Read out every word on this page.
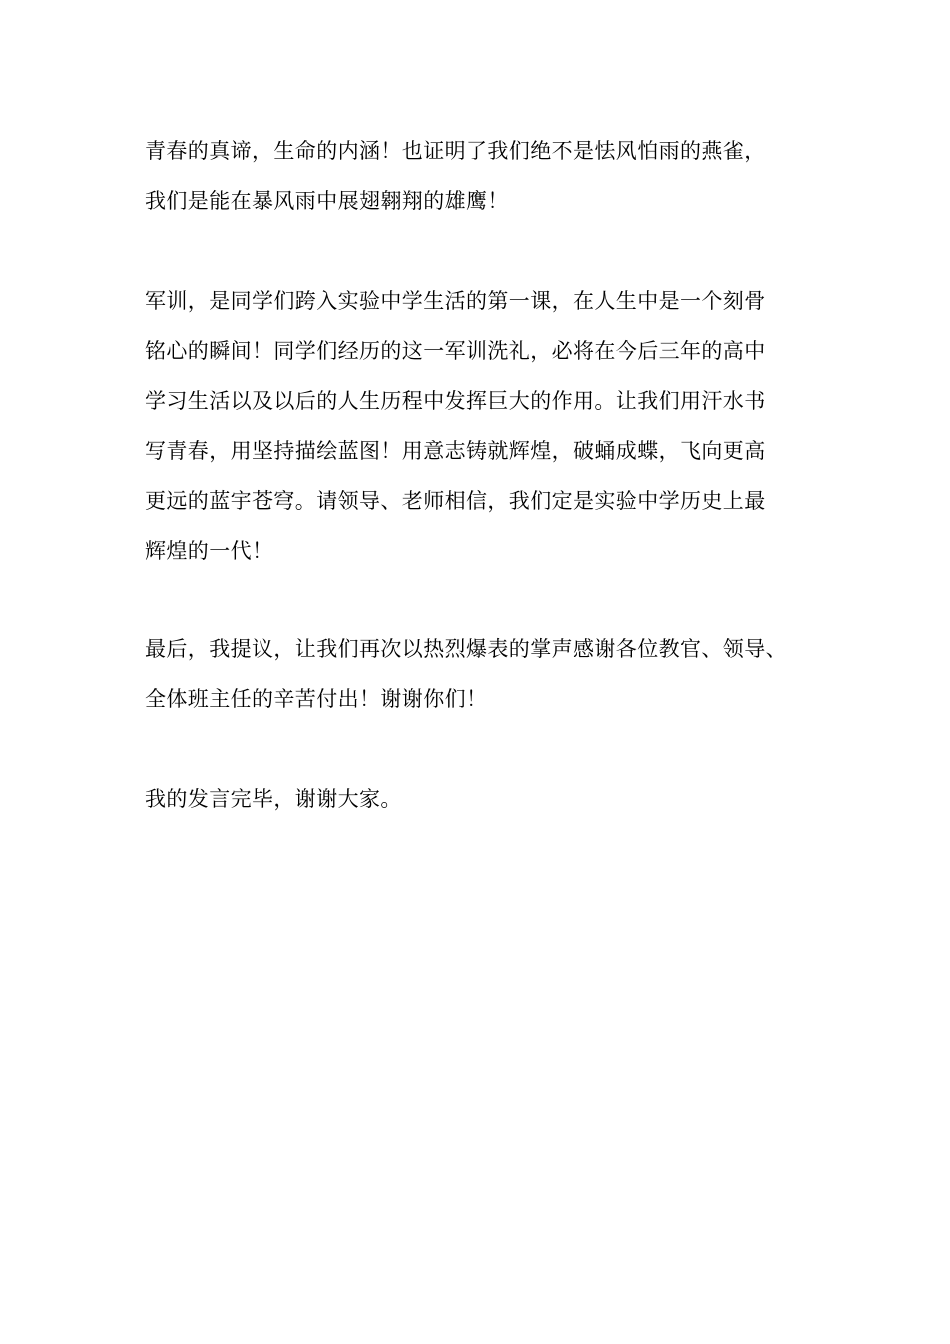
青春的真谛，生命的内涵！也证明了我们绝不是怯风怕雨的燕雀，
我们是能在暴风雨中展翅翱翔的雄鹰！
军训，是同学们跨入实验中学生活的第一课，在人生中是一个刻骨
铭心的瞬间！同学们经历的这一军训洗礼，必将在今后三年的高中
学习生活以及以后的人生历程中发挥巨大的作用。让我们用汗水书
写青春，用坚持描绘蓝图！用意志铸就辉煌，破蛹成蝶，飞向更高
更远的蓝宇苍穹。请领导、老师相信，我们定是实验中学历史上最
辉煌的一代！
最后，我提议，让我们再次以热烈爆表的掌声感谢各位教官、领导、
全体班主任的辛苦付出！谢谢你们！
我的发言完毕，谢谢大家。
